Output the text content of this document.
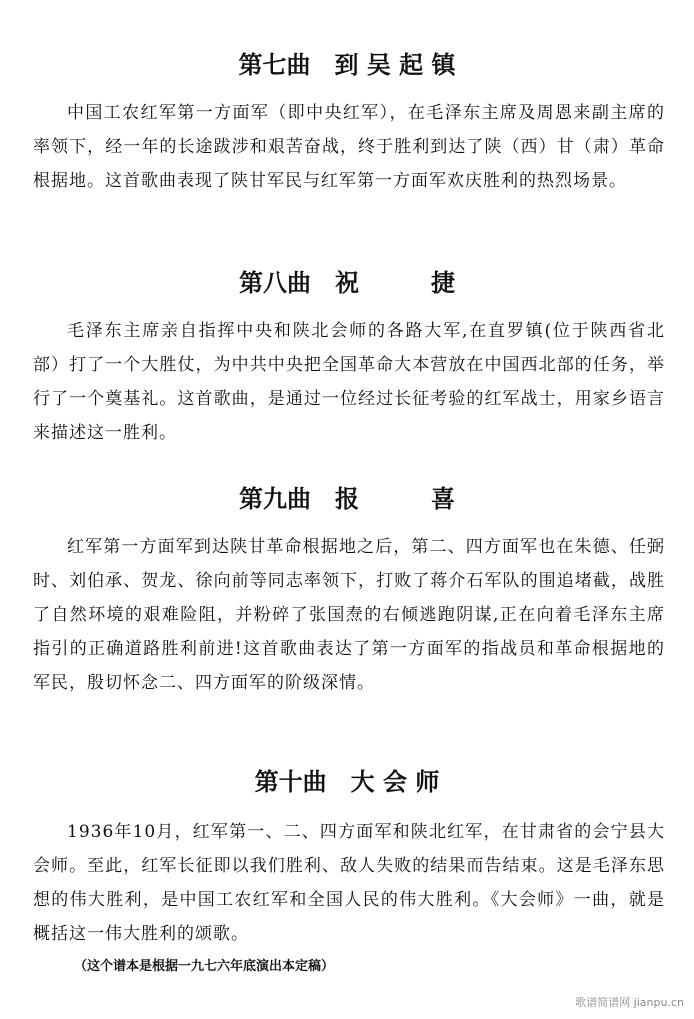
第七曲　到 吴 起 镇

中国工农红军第一方面军（即中央红军），在毛泽东主席及周恩来副主席的率领下，经一年的长途跋涉和艰苦奋战，终于胜利到达了陕（西）甘（肃）革命根据地。这首歌曲表现了陕甘军民与红军第一方面军欢庆胜利的热烈场景。

第八曲　祝　　　捷

毛泽东主席亲自指挥中央和陕北会师的各路大军,在直罗镇(位于陕西省北部）打了一个大胜仗，为中共中央把全国革命大本营放在中国西北部的任务，举行了一个奠基礼。这首歌曲，是通过一位经过长征考验的红军战士，用家乡语言来描述这一胜利。

第九曲　报　　　喜

红军第一方面军到达陕甘革命根据地之后，第二、四方面军也在朱德、任弼时、刘伯承、贺龙、徐向前等同志率领下，打败了蒋介石军队的围追堵截，战胜了自然环境的艰难险阻，并粉碎了张国焘的右倾逃跑阴谋,正在向着毛泽东主席指引的正确道路胜利前进!这首歌曲表达了第一方面军的指战员和革命根据地的军民，殷切怀念二、四方面军的阶级深情。

第十曲　大 会 师

1936年10月，红军第一、二、四方面军和陕北红军，在甘肃省的会宁县大会师。至此，红军长征即以我们胜利、敌人失败的结果而告结束。这是毛泽东思想的伟大胜利，是中国工农红军和全国人民的伟大胜利。《大会师》一曲，就是概括这一伟大胜利的颂歌。

（这个谱本是根据一九七六年底演出本定稿）

歌谱简谱网 jianpu.cn
